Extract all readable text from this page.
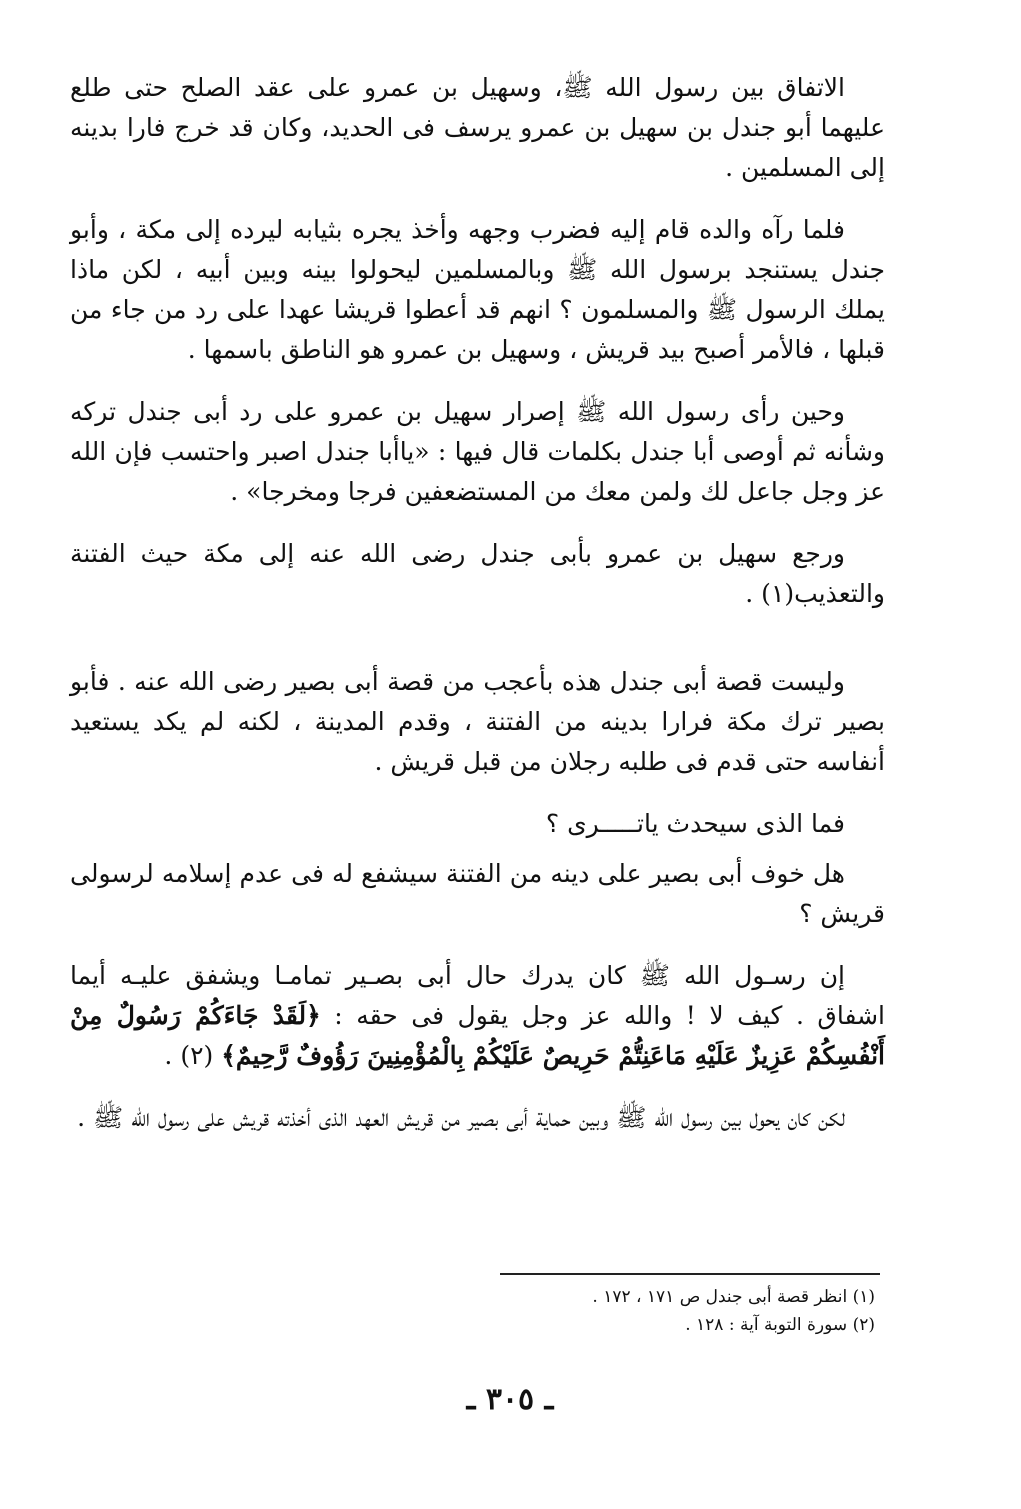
الاتفاق بين رسول الله ﷺ، وسهيل بن عمرو على عقد الصلح حتى طلع عليهما أبو جندل بن سهيل بن عمرو يرسف فى الحديد، وكان قد خرج فارا بدينه إلى المسلمين .

فلما رآه والده قام إليه فضرب وجهه وأخذ يجره بثيابه ليرده إلى مكة ، وأبو جندل يستنجد برسول الله ﷺ وبالمسلمين ليحولوا بينه وبين أبيه ، لكن ماذا يملك الرسول ﷺ والمسلمون ؟ انهم قد أعطوا قريشا عهدا على رد من جاء من قبلها ، فالأمر أصبح بيد قريش ، وسهيل بن عمرو هو الناطق باسمها .

وحين رأى رسول الله ﷺ إصرار سهيل بن عمرو على رد أبى جندل تركه وشأنه ثم أوصى أبا جندل بكلمات قال فيها : «ياأبا جندل اصبر واحتسب فإن الله عز وجل جاعل لك ولمن معك من المستضعفين فرجا ومخرجا» .

ورجع سهيل بن عمرو بأبى جندل رضى الله عنه إلى مكة حيث الفتنة والتعذيب(١) .

وليست قصة أبى جندل هذه بأعجب من قصة أبى بصير رضى الله عنه . فأبو بصير ترك مكة فرارا بدينه من الفتنة ، وقدم المدينة ، لكنه لم يكد يستعيد أنفاسه حتى قدم فى طلبه رجلان من قبل قريش .

فما الذى سيحدث ياتـــــرى ؟

هل خوف أبى بصير على دينه من الفتنة سيشفع له فى عدم إسلامه لرسولى قريش ؟

إن رسـول الله ﷺ كان يدرك حال أبى بصـير تمامـا ويشفق عليـه أيما اشفاق . كيف لا ! والله عز وجل يقول فى حقه : ﴿لَقَدْ جَاءَكُمْ رَسُولٌ مِنْ أَنْفُسِكُمْ عَزِيزٌ عَلَيْهِ مَاعَنِتُّمْ حَرِيصٌ عَلَيْكُمْ بِالْمُؤْمِنِينَ رَؤُوفٌ رَّحِيمٌ﴾ (٢) .

لكن كان يحول بين رسول الله ﷺ وبين حماية أبى بصير من قريش العهد الذى أخذته قريش على رسول الله ﷺ .

(١) انظر قصة أبى جندل ص ١٧١ ، ١٧٢ .

(٢) سورة التوبة آية : ١٢٨ .

ـ ٣٠٥ ـ
